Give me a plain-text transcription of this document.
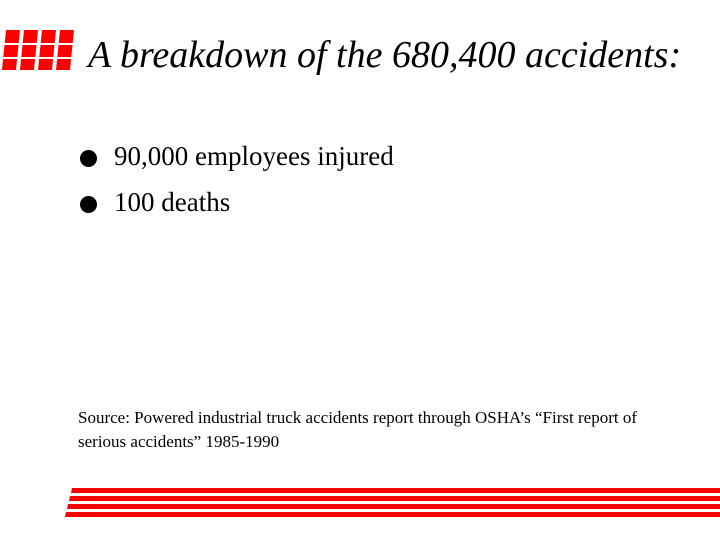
A breakdown of the 680,400 accidents:
90,000 employees injured
100 deaths

Source: Powered industrial truck accidents report through OSHA’s “First report of serious accidents” 1985-1990
